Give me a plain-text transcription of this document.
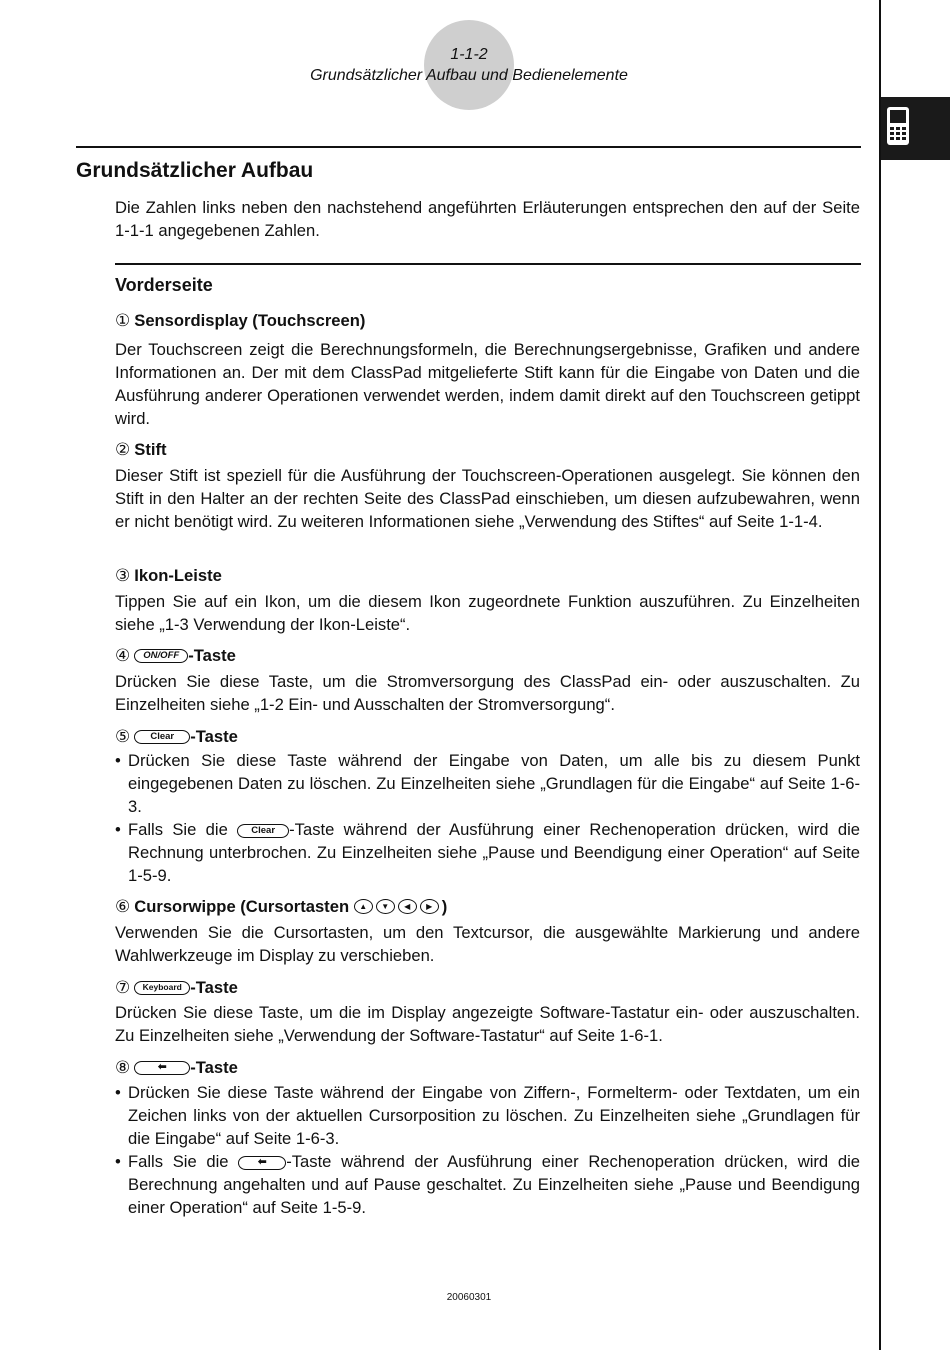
1-1-2
Grundsätzlicher Aufbau und Bedienelemente
Grundsätzlicher Aufbau

Die Zahlen links neben den nachstehend angeführten Erläuterungen entsprechen den auf der Seite 1-1-1 angegebenen Zahlen.

Vorderseite
① Sensordisplay (Touchscreen)

Der Touchscreen zeigt die Berechnungsformeln, die Berechnungsergebnisse, Grafiken und andere Informationen an. Der mit dem ClassPad mitgelieferte Stift kann für die Eingabe von Daten und die Ausführung anderer Operationen verwendet werden, indem damit direkt auf den Touchscreen getippt wird.

② Stift

Dieser Stift ist speziell für die Ausführung der Touchscreen-Operationen ausgelegt. Sie können den Stift in den Halter an der rechten Seite des ClassPad einschieben, um diesen aufzubewahren, wenn er nicht benötigt wird. Zu weiteren Informationen siehe „Verwendung des Stiftes“ auf Seite 1-1-4.

③ Ikon-Leiste

Tippen Sie auf ein Ikon, um die diesem Ikon zugeordnete Funktion auszuführen. Zu Einzelheiten siehe „1-3 Verwendung der Ikon-Leiste“.

④	ON/OFF -Taste

Drücken Sie diese Taste, um die Stromversorgung des ClassPad ein- oder auszuschalten. Zu Einzelheiten siehe „1-2 Ein- und Ausschalten der Stromversorgung“.

⑤	Clear -Taste
• Drücken Sie diese Taste während der Eingabe von Daten, um alle bis zu diesem Punkt eingegebenen Daten zu löschen. Zu Einzelheiten siehe „Grundlagen für die Eingabe“ auf Seite 1-6-3.
• Falls Sie die Clear -Taste während der Ausführung einer Rechenoperation drücken, wird die Rechnung unterbrochen. Zu Einzelheiten siehe „Pause und Beendigung einer Operation“ auf Seite 1-5-9.
⑥ Cursorwippe (Cursortasten ▲	▼	◀	▶ )

Verwenden Sie die Cursortasten, um den Textcursor, die ausgewählte Markierung und andere Wahlwerkzeuge im Display zu verschieben.

⑦	Keyboard -Taste

Drücken Sie diese Taste, um die im Display angezeigte Software-Tastatur ein- oder auszuschalten. Zu Einzelheiten siehe „Verwendung der Software-Tastatur“ auf Seite 1-6-1.

⑧	⬅	-Taste
• Drücken Sie diese Taste während der Eingabe von Ziffern-, Formelterm- oder Textdaten, um ein Zeichen links von der aktuellen Cursorposition zu löschen. Zu Einzelheiten siehe „Grundlagen für die Eingabe“ auf Seite 1-6-3.
• Falls Sie die ⬅ -Taste während der Ausführung einer Rechenoperation drücken, wird die Berechnung angehalten und auf Pause geschaltet. Zu Einzelheiten siehe „Pause und Beendigung einer Operation“ auf Seite 1-5-9.
20060301
